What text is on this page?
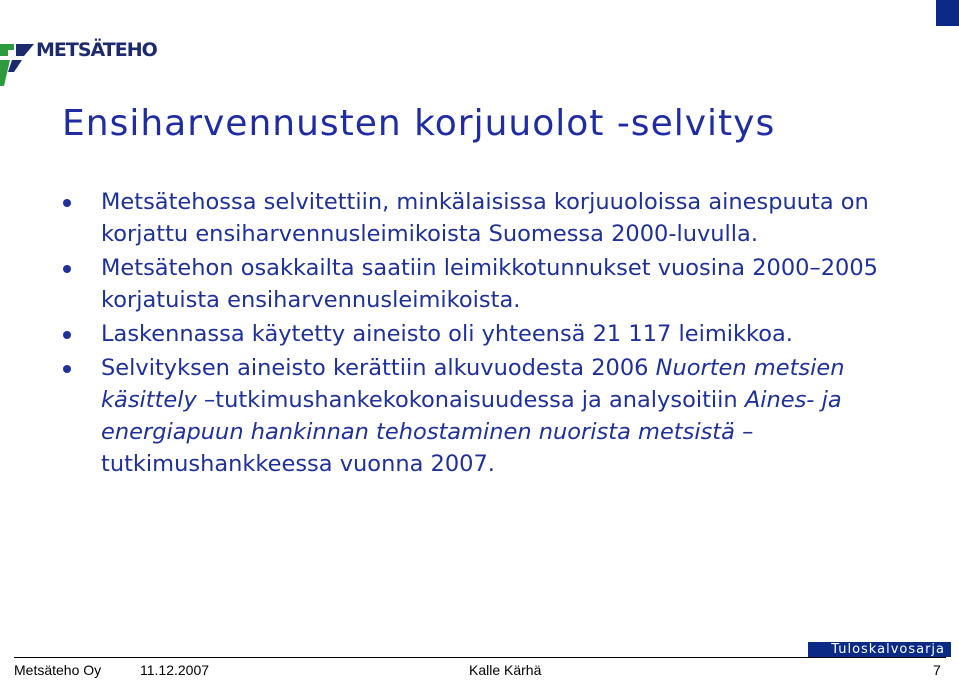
METSÄTEHO
Ensiharvennusten korjuuolot -selvitys
Metsätehossa selvitettiin, minkälaisissa korjuuoloissa ainespuuta on korjattu ensiharvennusleimikoista Suomessa 2000-luvulla.
Metsätehon osakkailta saatiin leimikkotunnukset vuosina 2000–2005 korjatuista ensiharvennusleimikoista.
Laskennassa käytetty aineisto oli yhteensä 21 117 leimikkoa.
Selvityksen aineisto kerättiin alkuvuodesta 2006 Nuorten metsien käsittely –tutkimushankekokonaisuudessa ja analysoitiin Aines- ja energiapuun hankinnan tehostaminen nuorista metsistä –tutkimushankkeessa vuonna 2007.
Tuloskalvosarja
Metsäteho Oy	11.12.2007	Kalle Kärhä	7
